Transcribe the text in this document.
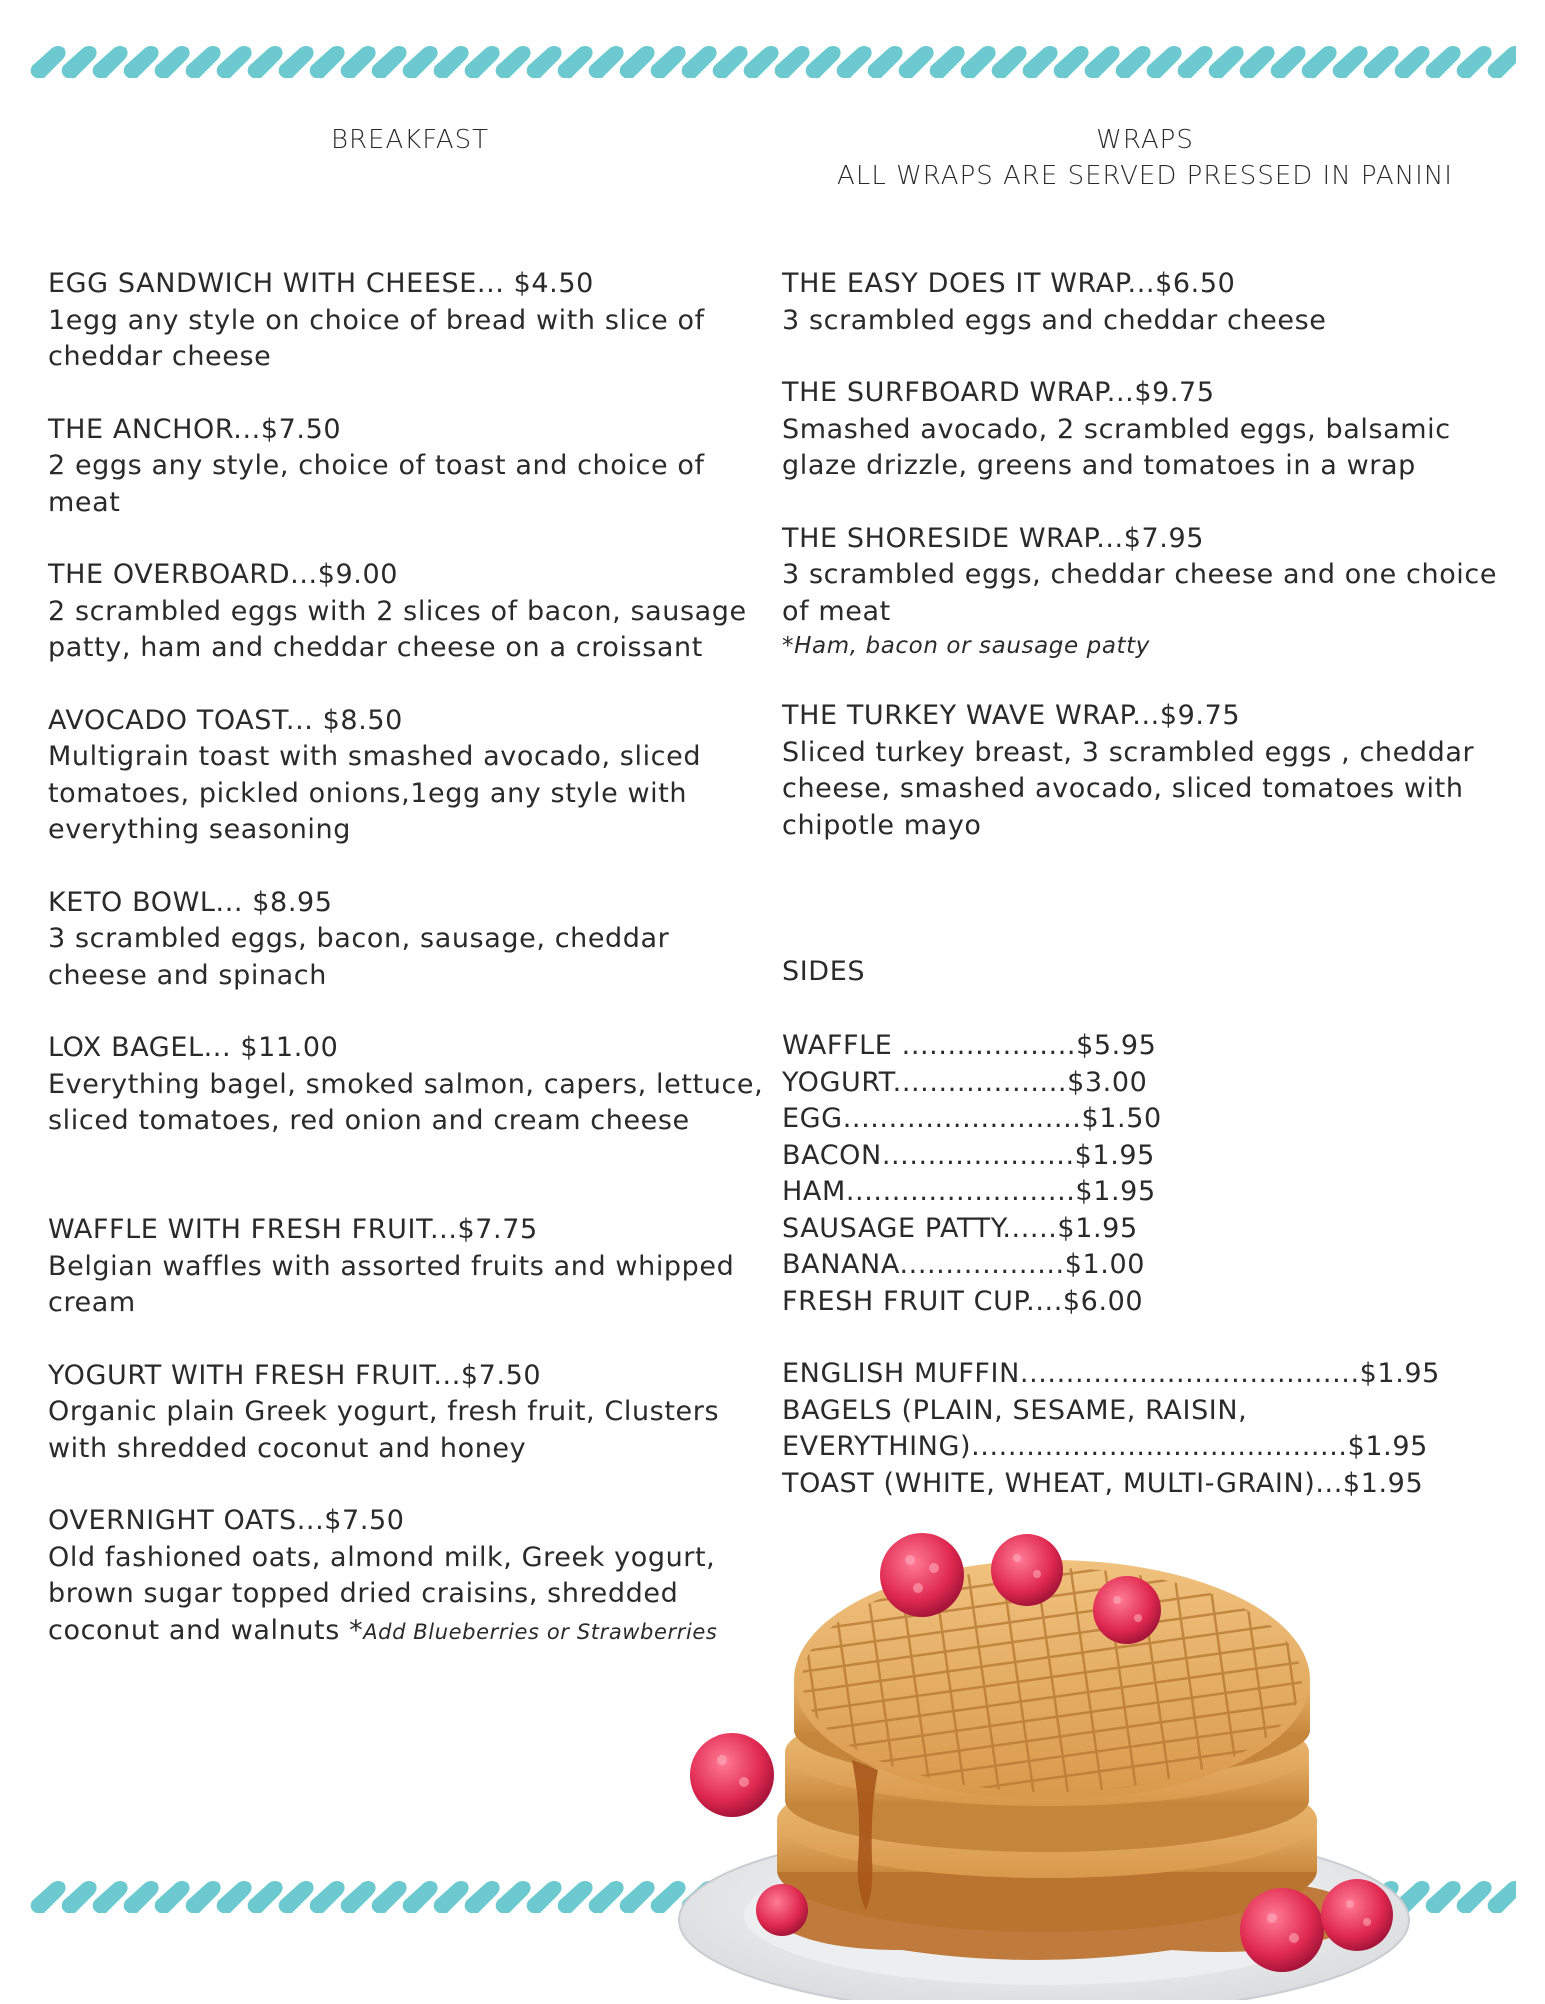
BREAKFAST	WRAPS
ALL WRAPS ARE SERVED PRESSED IN PANINI
EGG SANDWICH WITH CHEESE... $4.50
1egg any style on choice of bread with slice of cheddar cheese
THE ANCHOR...$7.50
2 eggs any style, choice of toast and choice of meat
THE OVERBOARD...$9.00
2 scrambled eggs with 2 slices of bacon, sausage patty, ham and cheddar cheese on a croissant
AVOCADO TOAST... $8.50
Multigrain toast with smashed avocado, sliced tomatoes, pickled onions,1egg any style with everything seasoning
KETO BOWL... $8.95
3 scrambled eggs, bacon, sausage, cheddar cheese and spinach
LOX BAGEL... $11.00
Everything bagel, smoked salmon, capers, lettuce, sliced tomatoes, red onion and cream cheese
WAFFLE WITH FRESH FRUIT...$7.75
Belgian waffles with assorted fruits and whipped cream
YOGURT WITH FRESH FRUIT...$7.50
Organic plain Greek yogurt, fresh fruit, Clusters with shredded coconut and honey
OVERNIGHT OATS...$7.50
Old fashioned oats, almond milk, Greek yogurt, brown sugar topped dried craisins, shredded coconut and walnuts *Add Blueberries or Strawberries
THE EASY DOES IT WRAP...$6.50
3 scrambled eggs and cheddar cheese
THE SURFBOARD WRAP...$9.75
Smashed avocado, 2 scrambled eggs, balsamic glaze drizzle, greens and tomatoes in a wrap
THE SHORESIDE WRAP...$7.95
3 scrambled eggs, cheddar cheese and one choice of meat
*Ham, bacon or sausage patty
THE TURKEY WAVE WRAP...$9.75
Sliced turkey breast, 3 scrambled eggs , cheddar cheese, smashed avocado, sliced tomatoes with chipotle mayo
SIDES
WAFFLE ...................$5.95
YOGURT...................$3.00
EGG..........................$1.50
BACON.....................$1.95
HAM.........................$1.95
SAUSAGE PATTY......$1.95
BANANA..................$1.00
FRESH FRUIT CUP....$6.00
ENGLISH MUFFIN.....................................$1.95
BAGELS (PLAIN, SESAME, RAISIN,
EVERYTHING).........................................$1.95
TOAST (WHITE, WHEAT, MULTI-GRAIN)...$1.95
